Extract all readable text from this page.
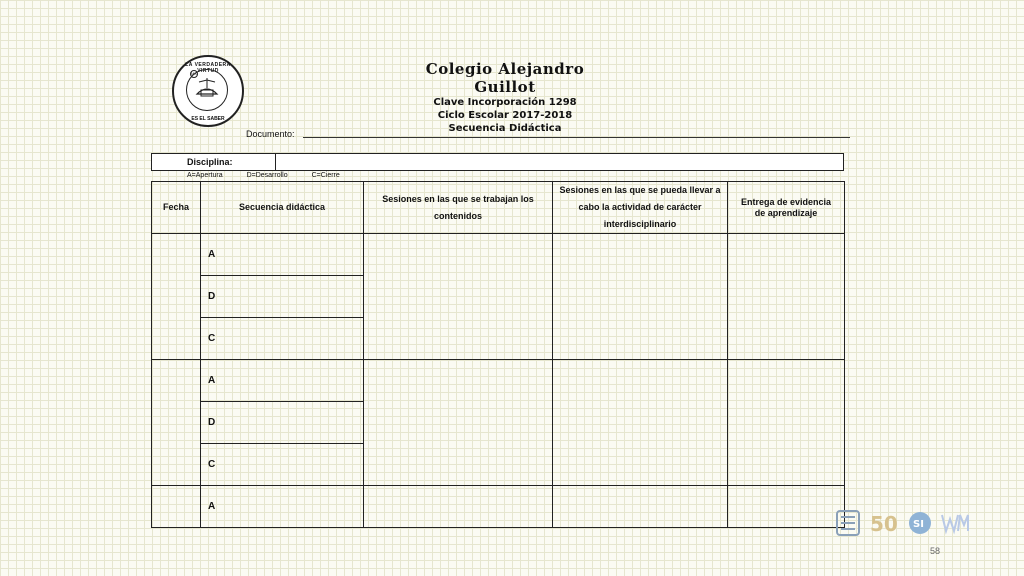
MX
LA VERDADERA VIRTUD
ES EL SABER
Colegio Alejandro Guillot
Clave Incorporación 1298
Ciclo Escolar 2017-2018
Secuencia Didáctica
Documento:
Disciplina:	
A=Apertura	D=Desarrollo	C=Cierre
Fecha	Secuencia didáctica	Sesiones en las que se trabajan los contenidos	Sesiones en las que se pueda llevar a cabo la actividad de carácter interdisciplinario	Entrega de evidencia de aprendizaje
	A			
	D			
	C			
	A			
	D			
	C			
	A			
50 SI
58
